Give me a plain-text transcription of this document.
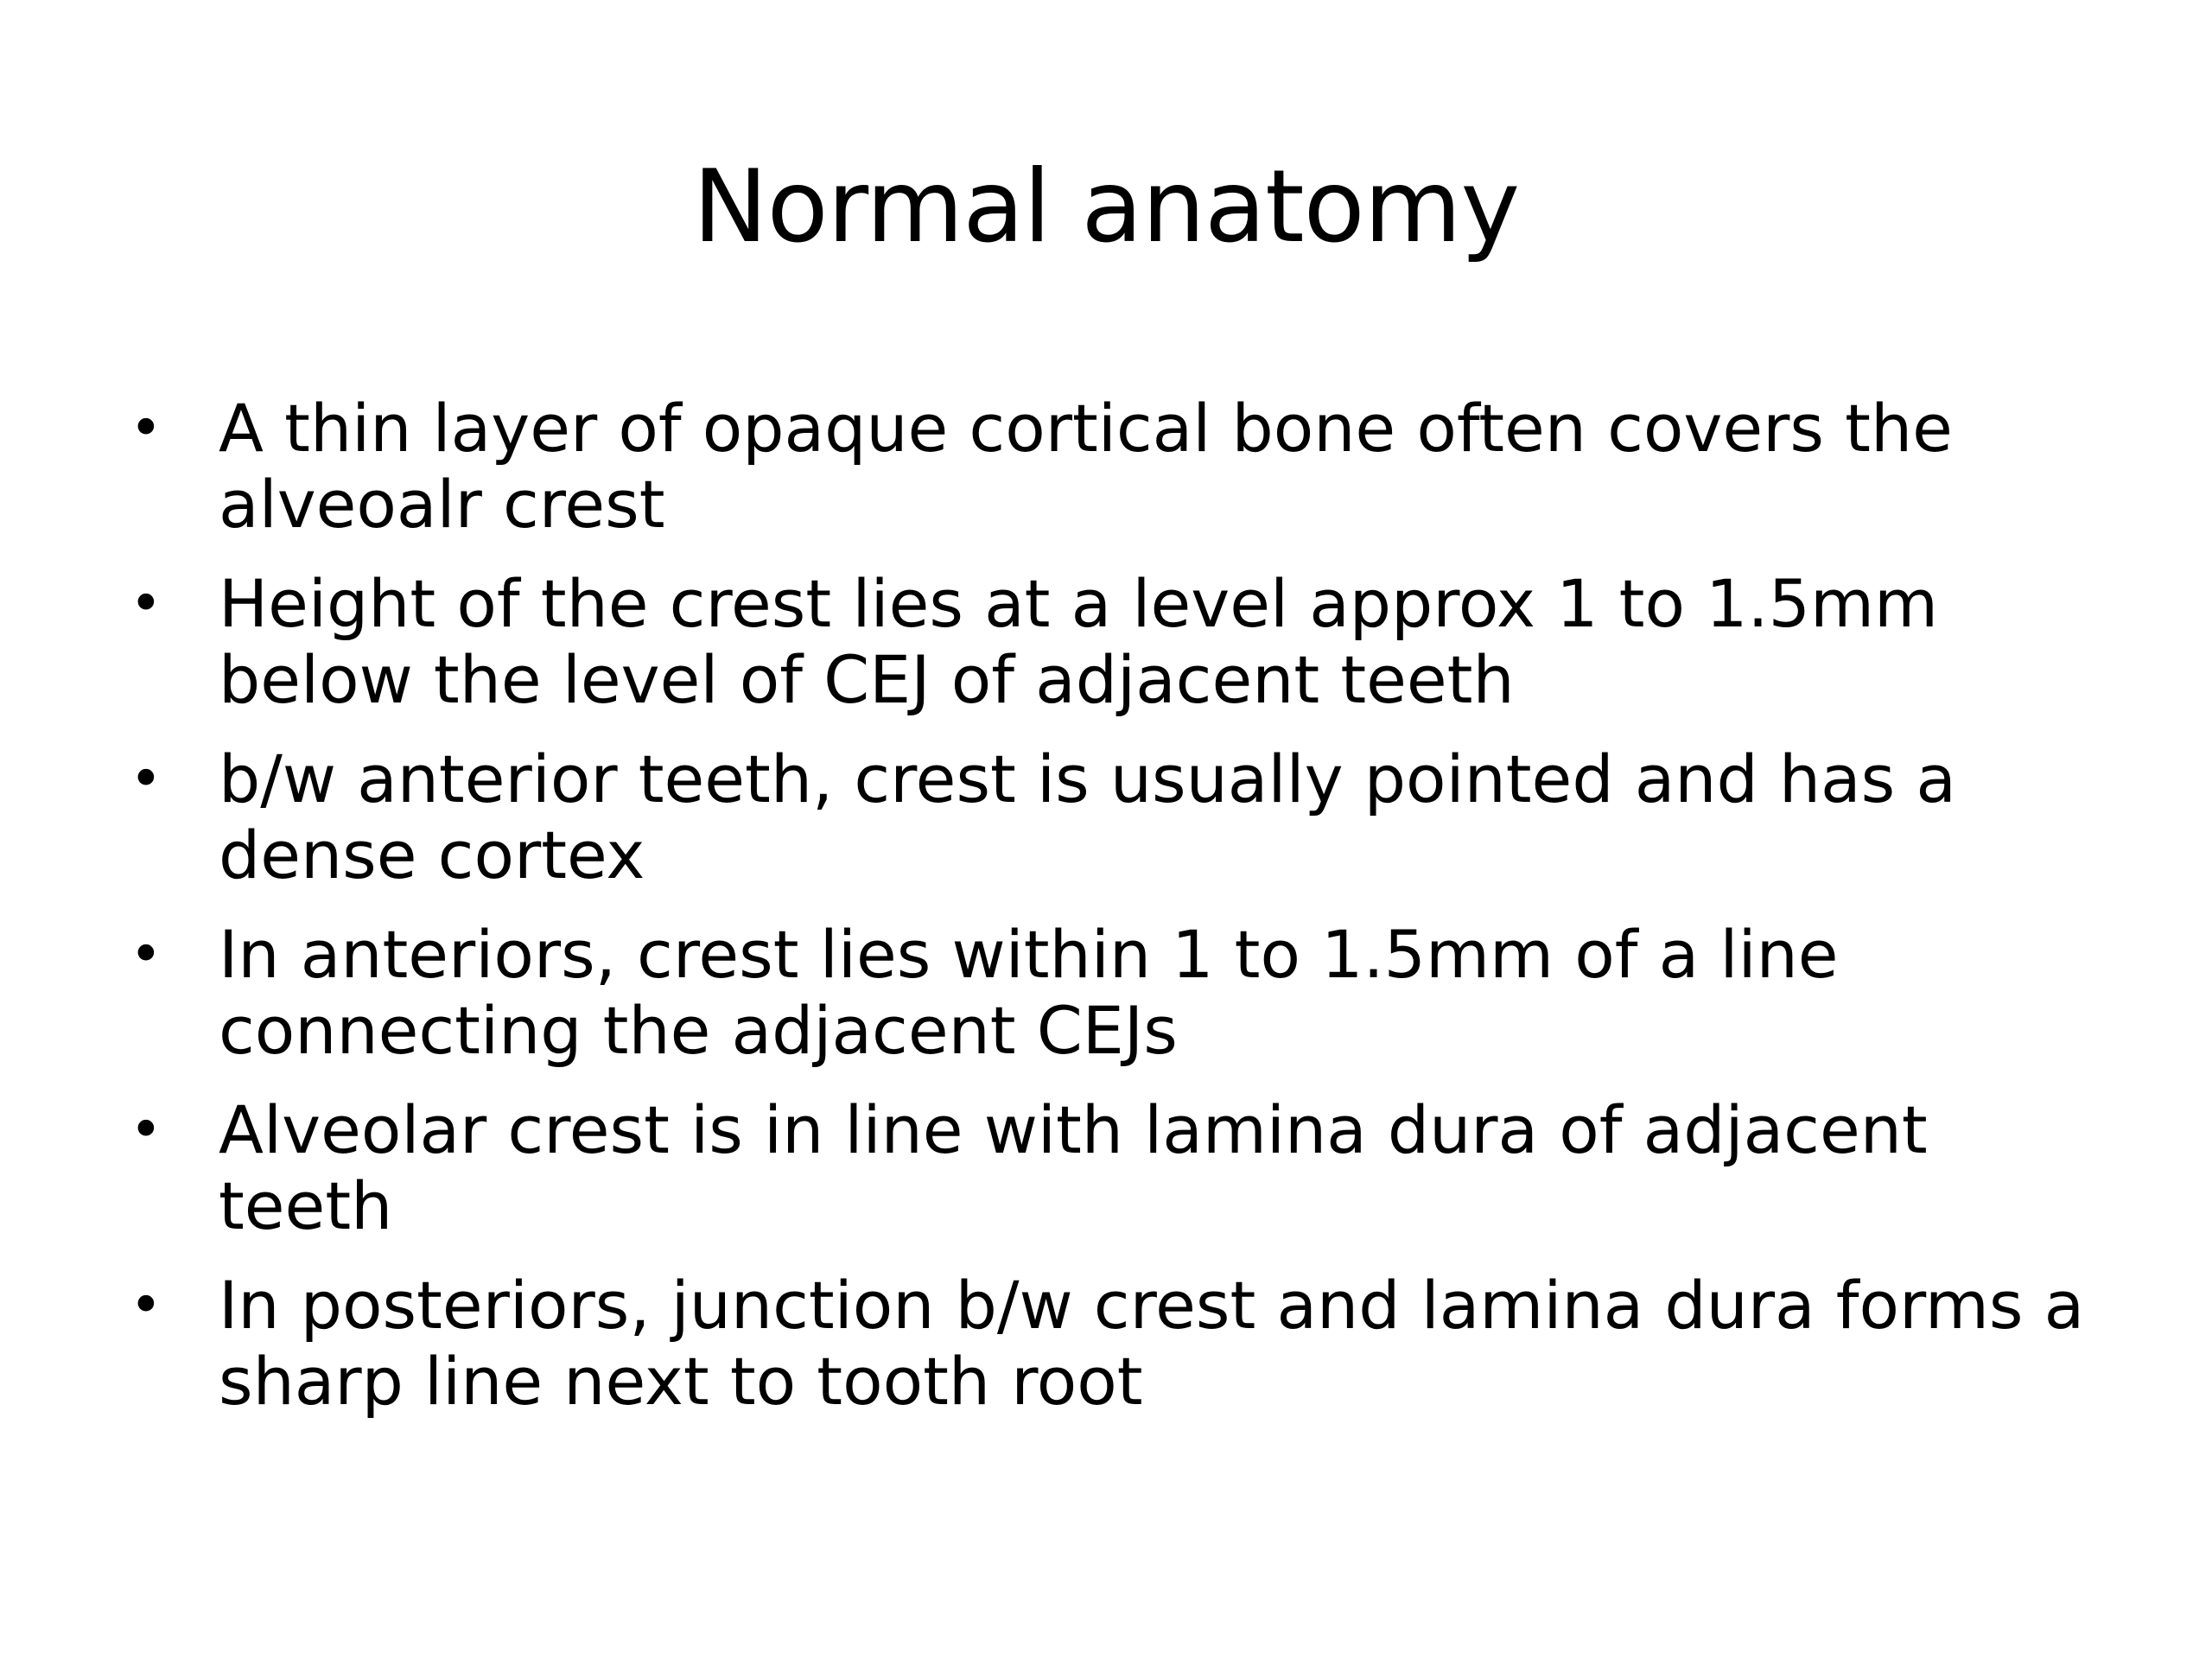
Normal anatomy
• A thin layer of opaque cortical bone often covers the
alveoalr crest
• Height of the crest lies at a level approx 1 to 1.5mm
below the level of CEJ of adjacent teeth
• b/w anterior teeth, crest is usually pointed and has a
dense cortex
• In anteriors, crest lies within 1 to 1.5mm of a line
connecting the adjacent CEJs
• Alveolar crest is in line with lamina dura of adjacent
teeth
• In posteriors, junction b/w crest and lamina dura forms a
sharp line next to tooth root
